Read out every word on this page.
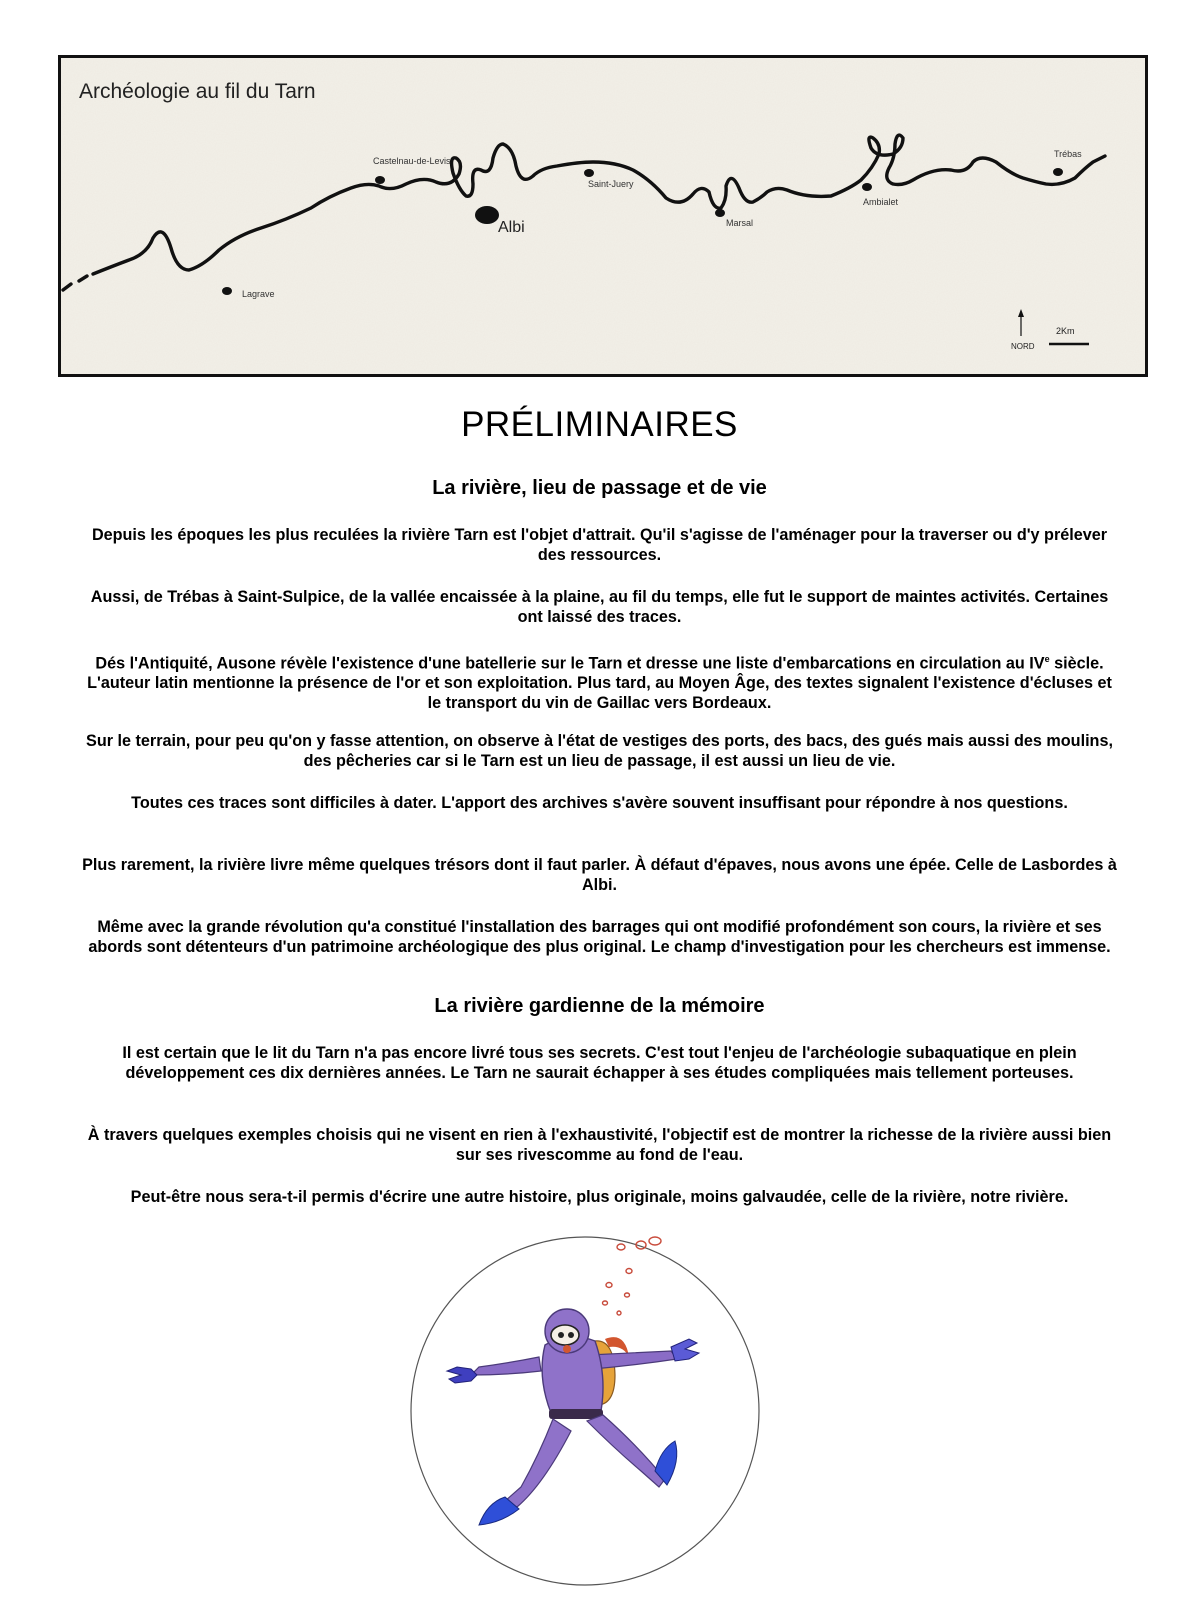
Archéologie au fil du Tarn
Castelnau-de-Levis
Saint-Juery
Trébas
Albi	Marsal
Ambialet
Lagrave
2Km
NORD
PRÉLIMINAIRES
La rivière, lieu de passage et de vie

Depuis les époques les plus reculées la rivière Tarn est l'objet d'attrait. Qu'il s'agisse de l'aménager pour la traverser ou d'y prélever des ressources.

Aussi, de Trébas à Saint-Sulpice, de la vallée encaissée à la plaine, au fil du temps, elle fut le support de maintes activités. Certaines ont laissé des traces.

Dés l'Antiquité, Ausone révèle l'existence d'une batellerie sur le Tarn et dresse une liste d'embarcations en circulation au IVe siècle. L'auteur latin mentionne la présence de l'or et son exploitation. Plus tard, au Moyen Âge, des textes signalent l'existence d'écluses et le transport du vin de Gaillac vers Bordeaux.

Sur le terrain, pour peu qu'on y fasse attention, on observe à l'état de vestiges des ports, des bacs, des gués mais aussi des moulins, des pêcheries car si le Tarn est un lieu de passage, il est aussi un lieu de vie.

Toutes ces traces sont difficiles à dater. L'apport des archives s'avère souvent insuffisant pour répondre à nos questions.

Plus rarement, la rivière livre même quelques trésors dont il faut parler. À défaut d'épaves, nous avons une épée. Celle de Lasbordes à Albi.

Même avec la grande révolution qu'a constitué l'installation des barrages qui ont modifié profondément son cours, la rivière et ses abords sont détenteurs d'un patrimoine archéologique des plus original. Le champ d'investigation pour les chercheurs est immense.

La rivière gardienne de la mémoire

Il est certain que le lit du Tarn n'a pas encore livré tous ses secrets. C'est tout l'enjeu de l'archéologie subaquatique en plein développement ces dix dernières années. Le Tarn ne saurait échapper à ses études compliquées mais tellement porteuses.

À travers quelques exemples choisis qui ne visent en rien à l'exhaustivité, l'objectif est de montrer la richesse de la rivière aussi bien sur ses rivescomme au fond de l'eau.

Peut-être nous sera-t-il permis d'écrire une autre histoire, plus originale, moins galvaudée, celle de la rivière, notre rivière.
